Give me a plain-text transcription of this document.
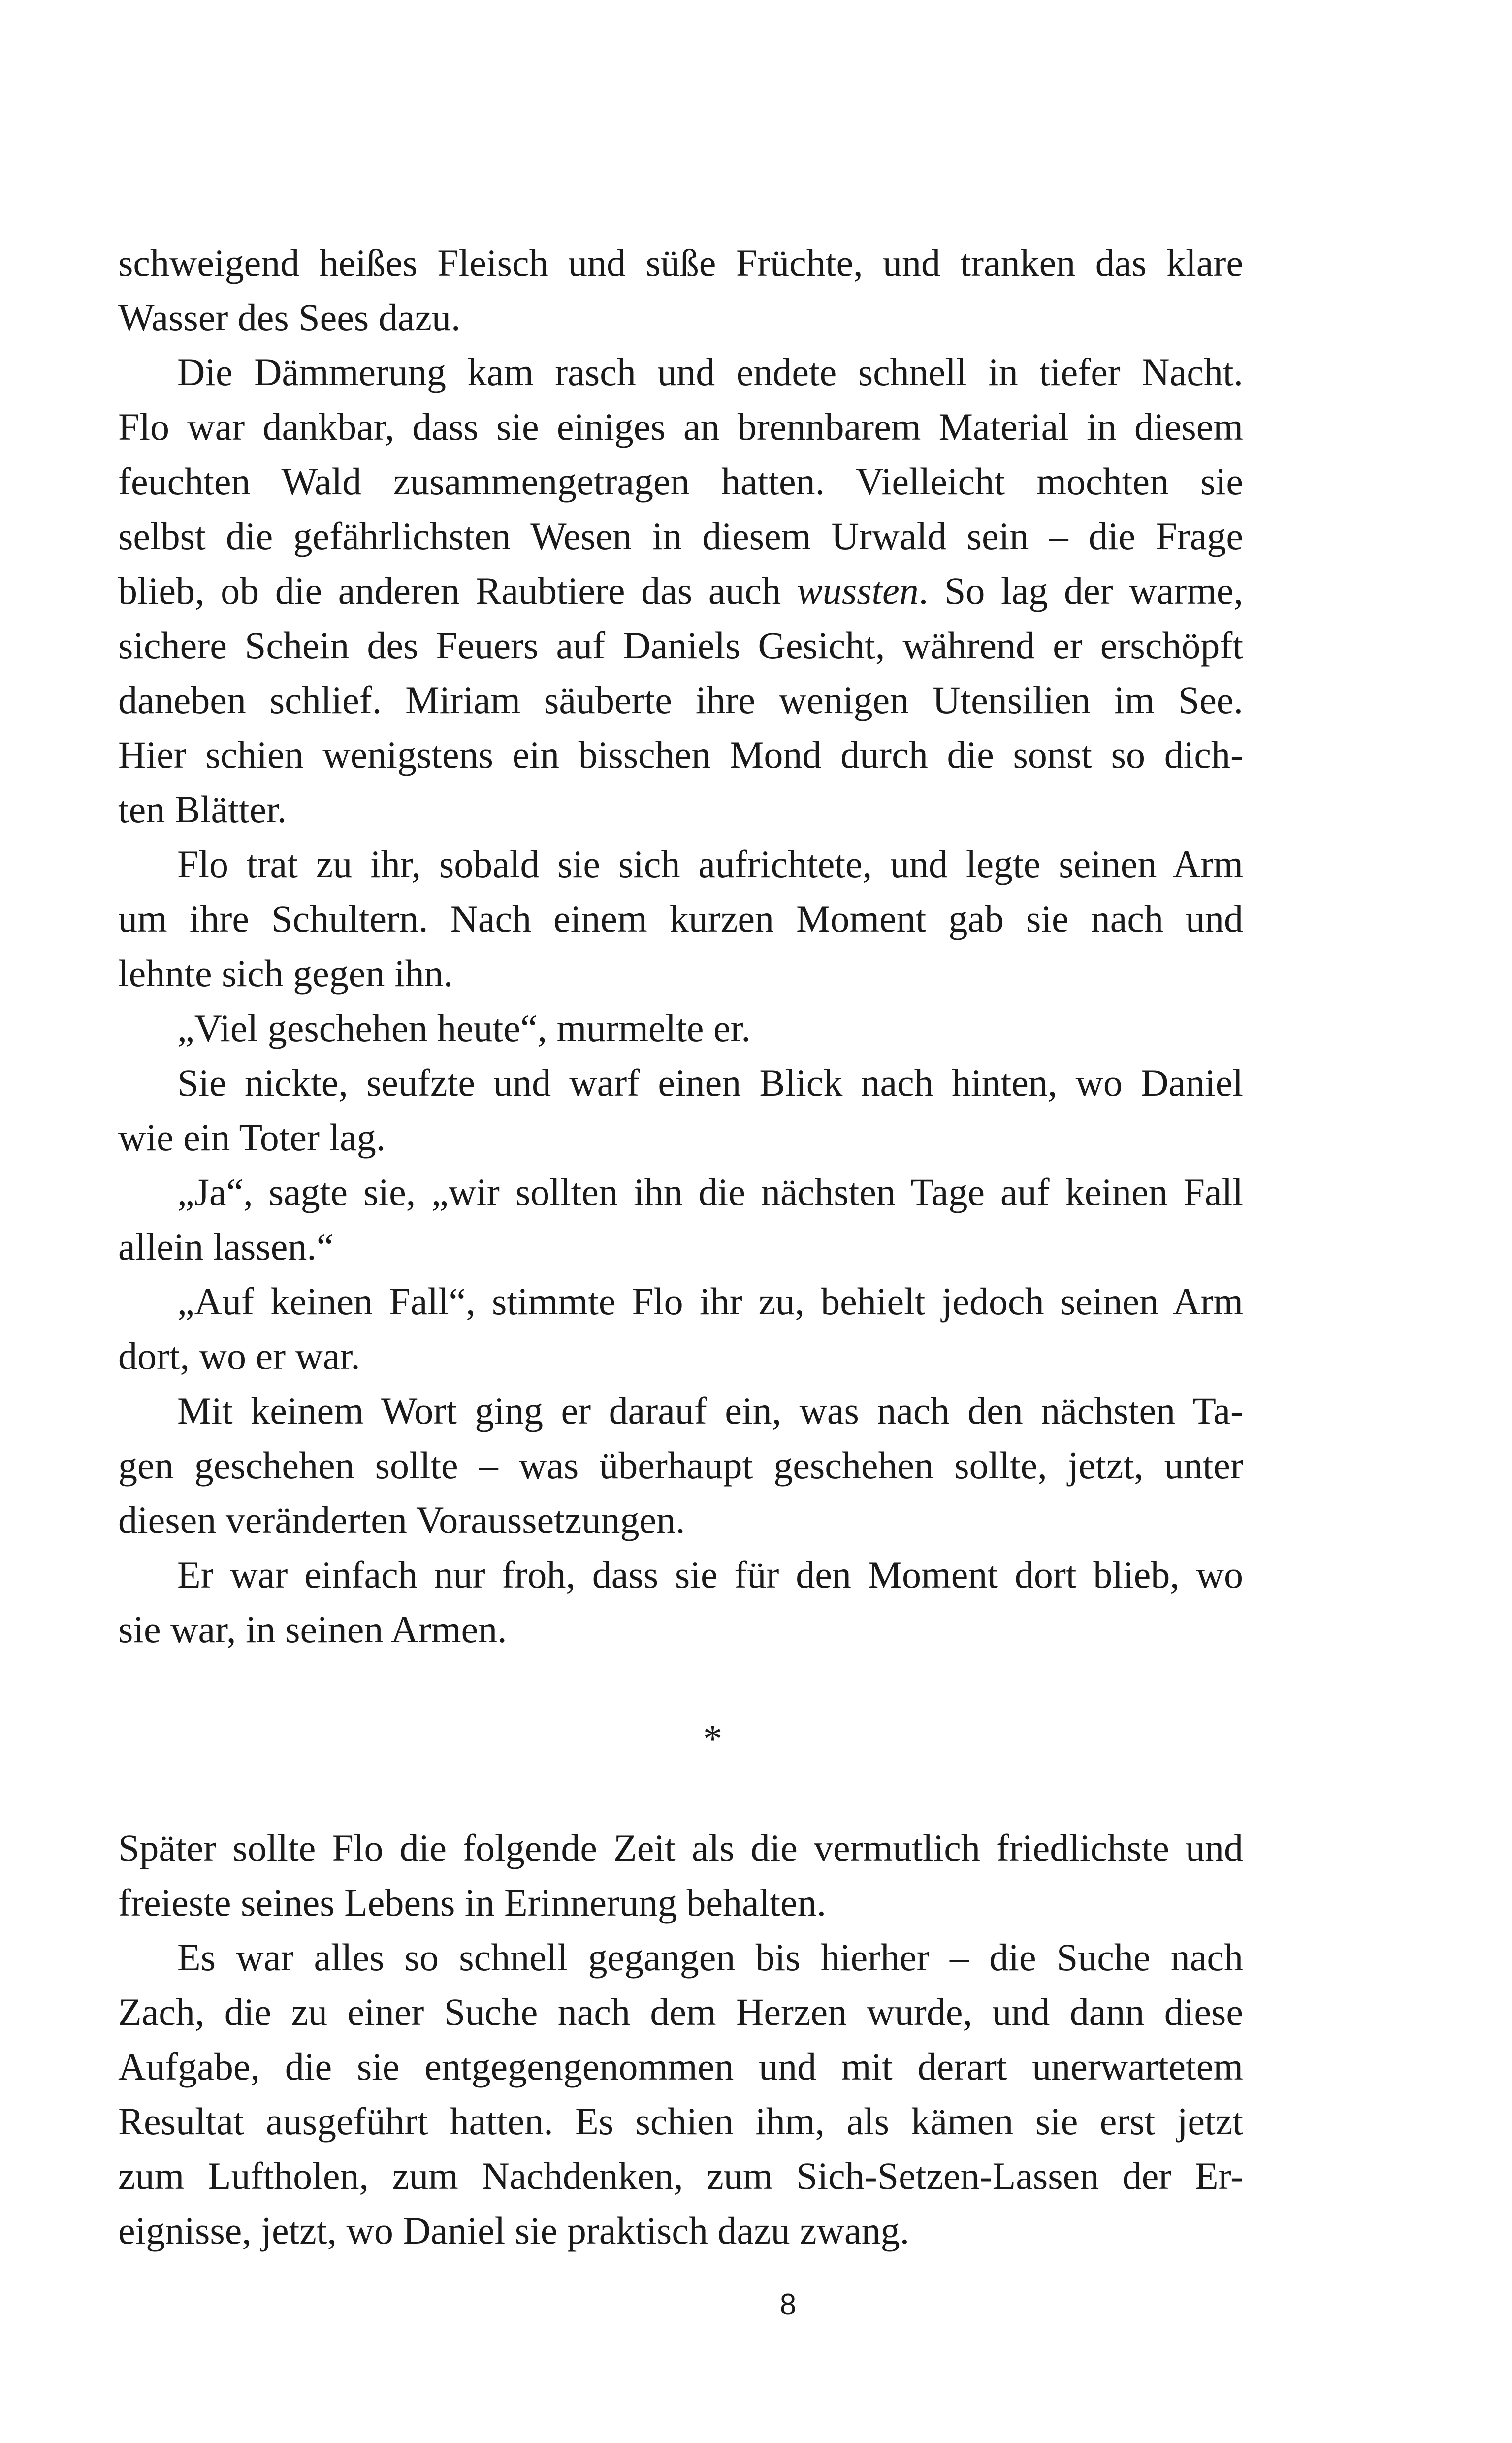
schweigend heißes Fleisch und süße Früchte, und tranken das klare
Wasser des Sees dazu.
Die Dämmerung kam rasch und endete schnell in tiefer Nacht.
Flo war dankbar, dass sie einiges an brennbarem Material in diesem
feuchten Wald zusammengetragen hatten. Vielleicht mochten sie
selbst die gefährlichsten Wesen in diesem Urwald sein – die Frage
blieb, ob die anderen Raubtiere das auch wussten. So lag der warme,
sichere Schein des Feuers auf Daniels Gesicht, während er erschöpft
daneben schlief. Miriam säuberte ihre wenigen Utensilien im See.
Hier schien wenigstens ein bisschen Mond durch die sonst so dich-
ten Blätter.
Flo trat zu ihr, sobald sie sich aufrichtete, und legte seinen Arm
um ihre Schultern. Nach einem kurzen Moment gab sie nach und
lehnte sich gegen ihn.
„Viel geschehen heute“, murmelte er.
Sie nickte, seufzte und warf einen Blick nach hinten, wo Daniel
wie ein Toter lag.
„Ja“, sagte sie, „wir sollten ihn die nächsten Tage auf keinen Fall
allein lassen.“
„Auf keinen Fall“, stimmte Flo ihr zu, behielt jedoch seinen Arm
dort, wo er war.
Mit keinem Wort ging er darauf ein, was nach den nächsten Ta-
gen geschehen sollte – was überhaupt geschehen sollte, jetzt, unter
diesen veränderten Voraussetzungen.
Er war einfach nur froh, dass sie für den Moment dort blieb, wo
sie war, in seinen Armen.
*
Später sollte Flo die folgende Zeit als die vermutlich friedlichste und
freieste seines Lebens in Erinnerung behalten.
Es war alles so schnell gegangen bis hierher – die Suche nach
Zach, die zu einer Suche nach dem Herzen wurde, und dann diese
Aufgabe, die sie entgegengenommen und mit derart unerwartetem
Resultat ausgeführt hatten. Es schien ihm, als kämen sie erst jetzt
zum Luftholen, zum Nachdenken, zum Sich-Setzen-Lassen der Er-
eignisse, jetzt, wo Daniel sie praktisch dazu zwang.
8
